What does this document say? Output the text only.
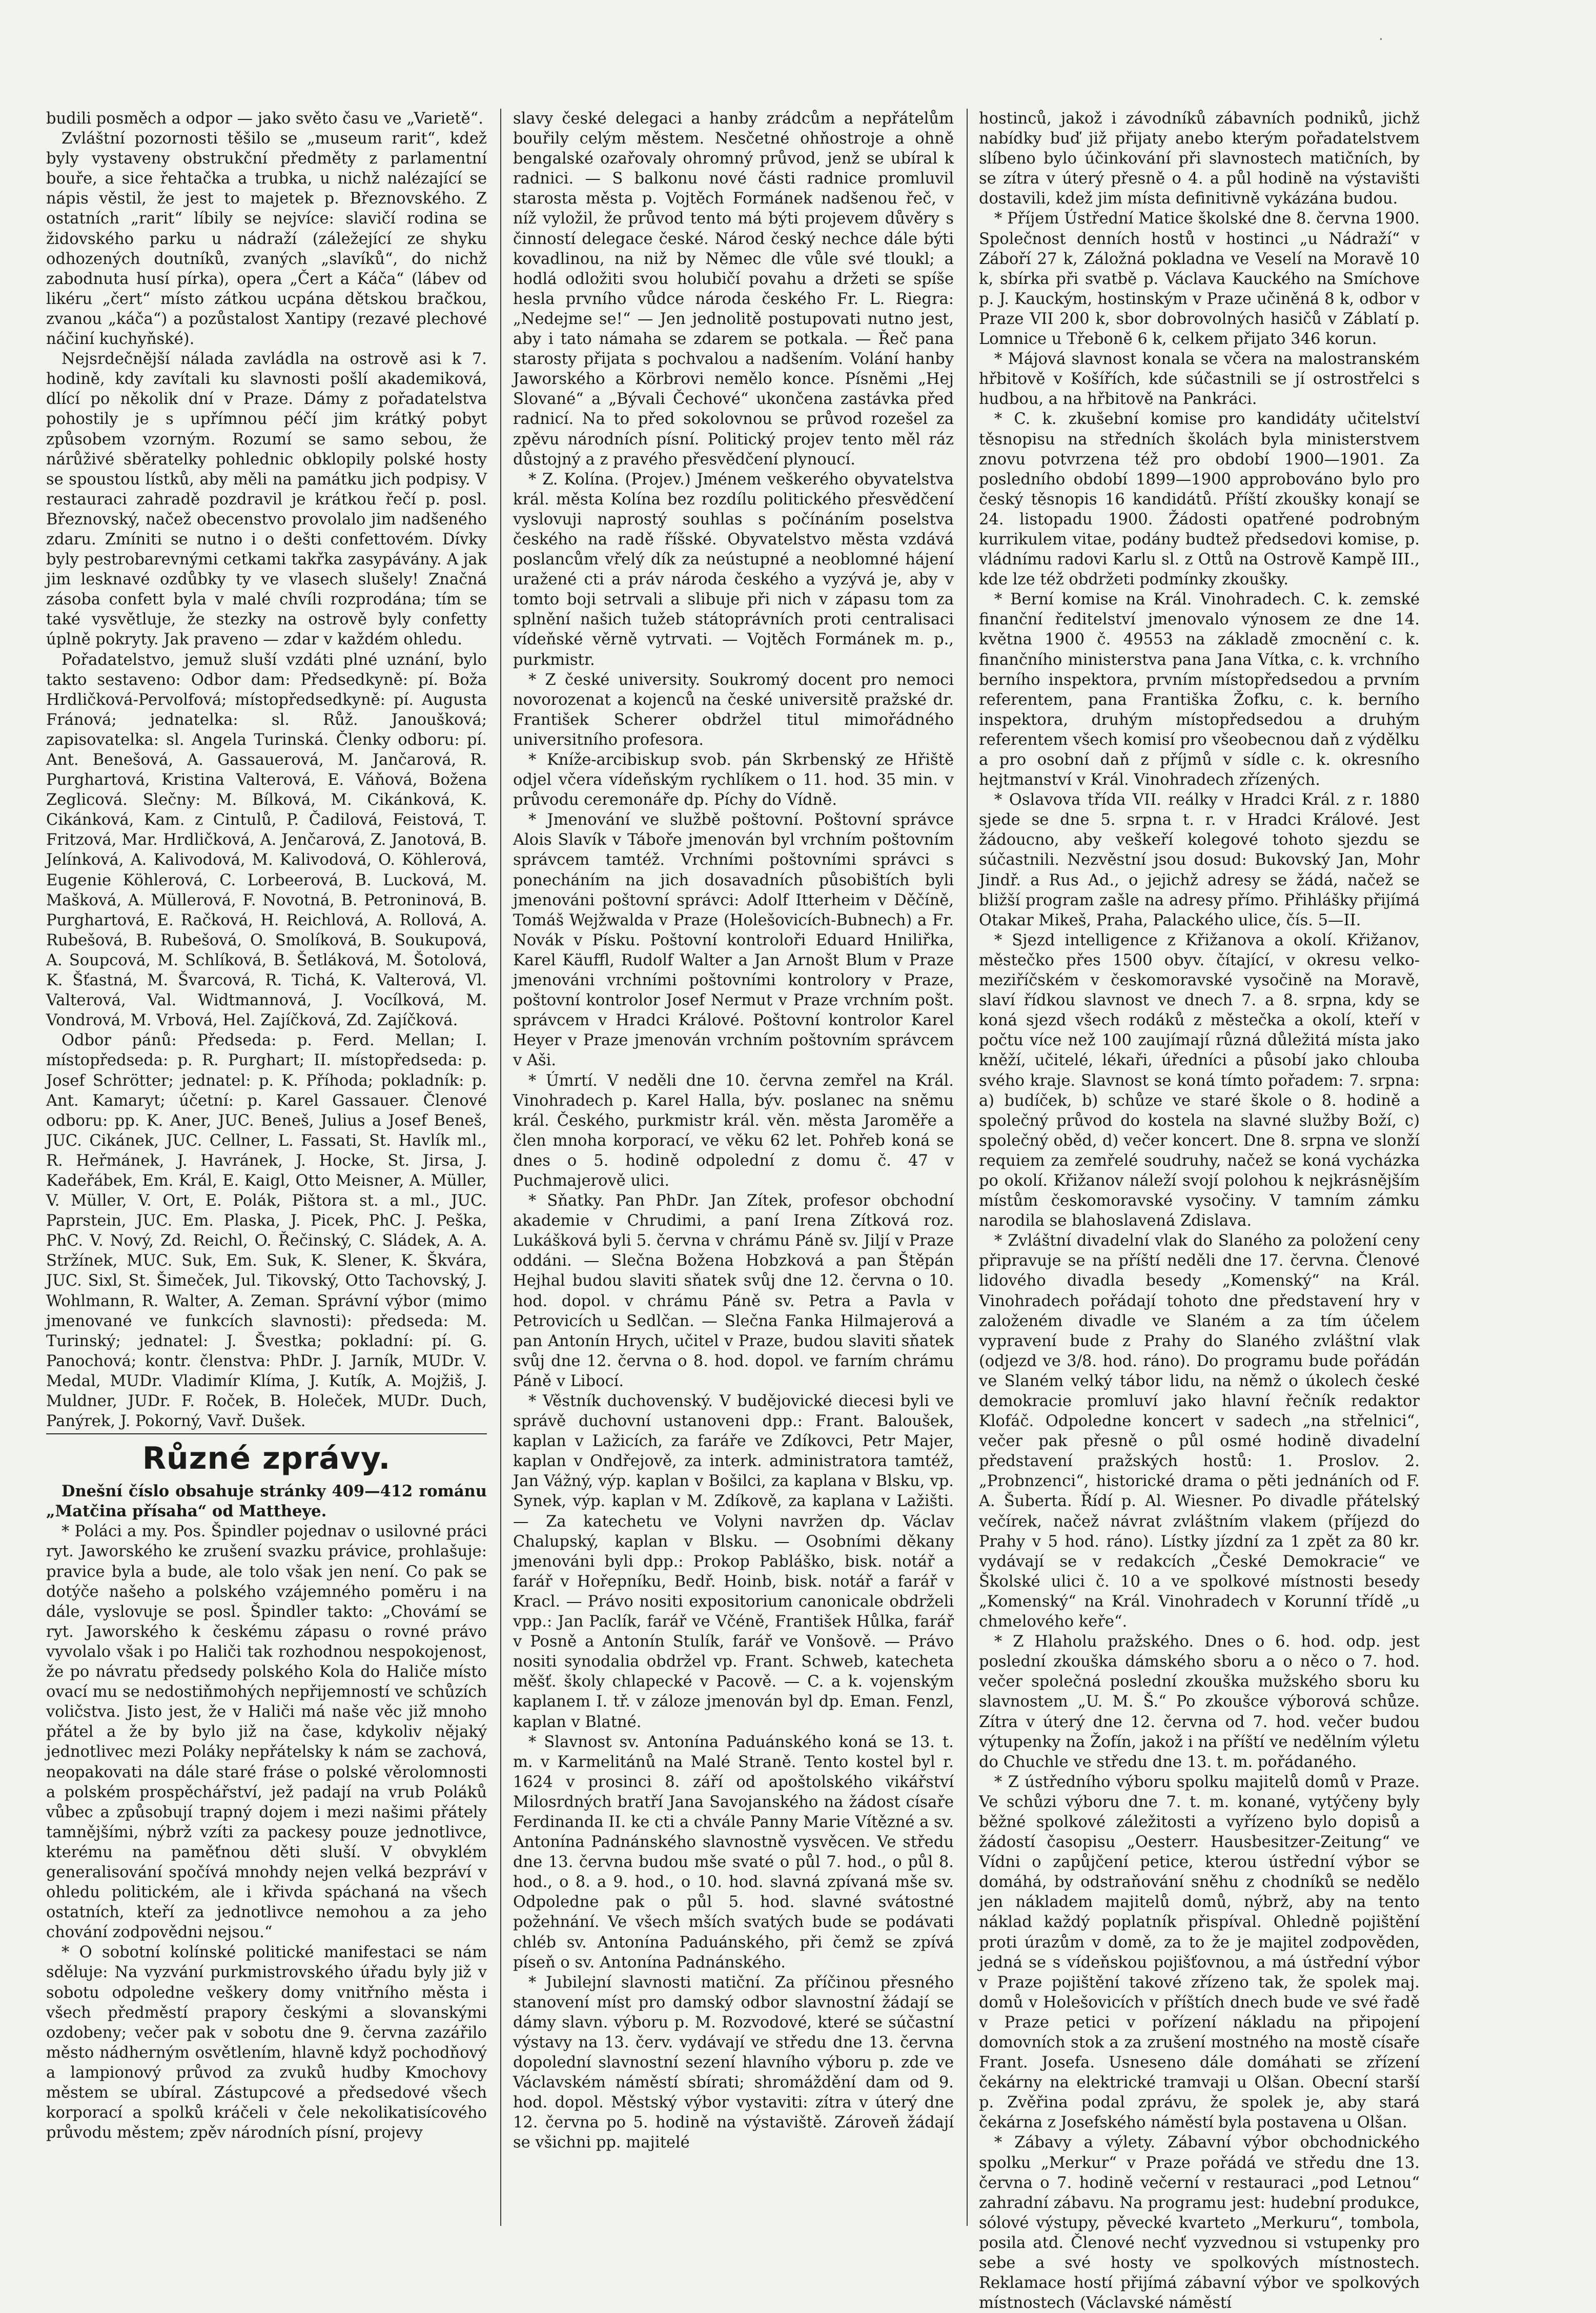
·

budili posměch a odpor — jako světo času ve „Varietě“.

Zvláštní pozornosti těšilo se „museum rarit“, kdež byly vystaveny obstrukční předměty z parlamentní bouře, a sice řehtačka a trubka, u nichž nalézající se nápis věstil, že jest to majetek p. Březnovského. Z ostatních „rarit“ líbily se nejvíce: slavičí rodina se židovského parku u nádraží (záležející ze shyku odhozených doutníků, zvaných „slavíků“, do nichž zabodnuta husí pírka), opera „Čert a Káča“ (lábev od likéru „čert“ místo zátkou ucpána dětskou bračkou, zvanou „káča“) a pozůstalost Xantipy (rezavé plechové náčiní kuchyňské).

Nejsrdečnější nálada zavládla na ostrově asi k 7. hodině, kdy zavítali ku slavnosti pošlí akademiková, dlící po několik dní v Praze. Dámy z pořadatelstva pohostily je s upřímnou péčí jim krátký pobyt způsobem vzorným. Rozumí se samo sebou, že nárůživé sběratelky pohlednic obklopily polské hosty se spoustou lístků, aby měli na památku jich podpisy. V restauraci zahradě pozdravil je krátkou řečí p. posl. Březnovský, načež obecenstvo provolalo jim nadšeného zdaru. Zmíniti se nutno i o dešti confettovém. Dívky byly pestrobarevnými cetkami takřka zasypávány. A jak jim lesknavé ozdůbky ty ve vlasech slušely! Značná zásoba confett byla v malé chvíli rozprodána; tím se také vysvětluje, že stezky na ostrově byly confetty úplně pokryty. Jak praveno — zdar v každém ohledu.

Pořadatelstvo, jemuž sluší vzdáti plné uznání, bylo takto sestaveno: Odbor dam: Předsedkyně: pí. Boža Hrdličková-Pervolfová; místopředsedkyně: pí. Augusta Fránová; jednatelka: sl. Růž. Janoušková; zapisovatelka: sl. Angela Turinská. Členky odboru: pí. Ant. Benešová, A. Gassauerová, M. Jančarová, R. Purghartová, Kristina Valterová, E. Váňová, Božena Zeglicová. Slečny: M. Bílková, M. Cikánková, K. Cikánková, Kam. z Cintulů, P. Čadilová, Feistová, T. Fritzová, Mar. Hrdličková, A. Jenčarová, Z. Janotová, B. Jelínková, A. Kalivodová, M. Kalivodová, O. Köhlerová, Eugenie Köhlerová, C. Lorbeerová, B. Lucková, M. Mašková, A. Müllerová, F. Novotná, B. Petroninová, B. Purghartová, E. Račková, H. Reichlová, A. Rollová, A. Rubešová, B. Rubešová, O. Smolíková, B. Soukupová, A. Soupcová, M. Schlíková, B. Šetláková, M. Šotolová, K. Šťastná, M. Švarcová, R. Tichá, K. Valterová, Vl. Valterová, Val. Widtmannová, J. Vocílková, M. Vondrová, M. Vrbová, Hel. Zajíčková, Zd. Zajíčková.

Odbor pánů: Předseda: p. Ferd. Mellan; I. místopředseda: p. R. Purghart; II. místopředseda: p. Josef Schrötter; jednatel: p. K. Příhoda; pokladník: p. Ant. Kamaryt; účetní: p. Karel Gassauer. Členové odboru: pp. K. Aner, JUC. Beneš, Julius a Josef Beneš, JUC. Cikánek, JUC. Cellner, L. Fassati, St. Havlík ml., R. Heřmánek, J. Havránek, J. Hocke, St. Jirsa, J. Kadeřábek, Em. Král, E. Kaigl, Otto Meisner, A. Müller, V. Müller, V. Ort, E. Polák, Pištora st. a ml., JUC. Paprstein, JUC. Em. Plaska, J. Picek, PhC. J. Peška, PhC. V. Nový, Zd. Reichl, O. Řečinský, C. Sládek, A. A. Stržínek, MUC. Suk, Em. Suk, K. Slener, K. Škvára, JUC. Sixl, St. Šimeček, Jul. Tikovský, Otto Tachovský, J. Wohlmann, R. Walter, A. Zeman. Správní výbor (mimo jmenované ve funkcích slavnosti): předseda: M. Turinský; jednatel: J. Švestka; pokladní: pí. G. Panochová; kontr. členstva: PhDr. J. Jarník, MUDr. V. Medal, MUDr. Vladimír Klíma, J. Kutík, A. Mojžiš, J. Muldner, JUDr. F. Roček, B. Holeček, MUDr. Duch, Panýrek, J. Pokorný, Vavř. Dušek.

Různé zprávy.

Dnešní číslo obsahuje stránky 409—412 románu „Matčina přísaha“ od Mattheye.

* Poláci a my. Pos. Špindler pojednav o usilovné práci ryt. Jaworského ke zrušení svazku právice, prohlašuje: pravice byla a bude, ale tolo však jen není. Co pak se dotýče našeho a polského vzájemného poměru i na dále, vyslovuje se posl. Špindler takto: „Chovámí se ryt. Jaworského k českému zápasu o rovné právo vyvolalo však i po Haliči tak rozhodnou nespokojenost, že po návratu předsedy polského Kola do Haliče místo ovací mu se nedostiňmohých nepřijemností ve schůzích voličstva. Jisto jest, že v Haliči má naše věc již mnoho přátel a že by bylo již na čase, kdykoliv nějaký jednotlivec mezi Poláky nepřátelsky k nám se zachová, neopakovati na dále staré fráse o polské věrolomnosti a polském prospěchářství, jež padají na vrub Poláků vůbec a způsobují trapný dojem i mezi našimi přátely tamnějšími, nýbrž vzíti za packesy pouze jednotlivce, kterému na paměťnou děti sluší. V obvyklém generalisování spočívá mnohdy nejen velká bezpráví v ohledu politickém, ale i křivda spáchaná na všech ostatních, kteří za jednotlivce nemohou a za jeho chování zodpovědni nejsou.“

* O sobotní kolínské politické manifestaci se nám sděluje: Na vyzvání purkmistrovského úřadu byly již v sobotu odpoledne veškery domy vnitřního města i všech předměstí prapory českými a slovanskými ozdobeny; večer pak v sobotu dne 9. června zazářilo město nádherným osvětlením, hlavně když pochodňový a lampionový průvod za zvuků hudby Kmochovy městem se ubíral. Zástupcové a předsedové všech korporací a spolků kráčeli v čele nekolikatisícového průvodu městem; zpěv národních písní, projevy

slavy české delegaci a hanby zrádcům a nepřátelům bouřily celým městem. Nesčetné ohňostroje a ohně bengalské ozařovaly ohromný průvod, jenž se ubíral k radnici. — S balkonu nové části radnice promluvil starosta města p. Vojtěch Formánek nadšenou řeč, v níž vyložil, že průvod tento má býti projevem důvěry s činností delegace české. Národ český nechce dále býti kovadlinou, na niž by Němec dle vůle své tloukl; a hodlá odložiti svou holubičí povahu a držeti se spíše hesla prvního vůdce národa českého Fr. L. Riegra: „Nedejme se!“ — Jen jednolitě postupovati nutno jest, aby i tato námaha se zdarem se potkala. — Řeč pana starosty přijata s pochvalou a nadšením. Volání hanby Jaworského a Körbrovi nemělo konce. Písněmi „Hej Slované“ a „Bývali Čechové“ ukončena zastávka před radnicí. Na to před sokolovnou se průvod rozešel za zpěvu národních písní. Politický projev tento měl ráz důstojný a z pravého přesvědčení plynoucí.

* Z. Kolína. (Projev.) Jménem veškerého obyvatelstva král. města Kolína bez rozdílu politického přesvědčení vyslovuji naprostý souhlas s počínáním poselstva českého na radě říšské. Obyvatelstvo města vzdává poslancům vřelý dík za neústupné a neoblomné hájení uražené cti a práv národa českého a vyzývá je, aby v tomto boji setrvali a slibuje při nich v zápasu tom za splnění našich tužeb státoprávních proti centralisaci vídeňské věrně vytrvati. — Vojtěch Formánek m. p., purkmistr.

* Z české university. Soukromý docent pro nemoci novorozenat a kojenců na české universitě pražské dr. František Scherer obdržel titul mimořádného universitního profesora.

* Kníže-arcibiskup svob. pán Skrbenský ze Hřiště odjel včera vídeňským rychlíkem o 11. hod. 35 min. v průvodu ceremonáře dp. Píchy do Vídně.

* Jmenování ve službě poštovní. Poštovní správce Alois Slavík v Táboře jmenován byl vrchním poštovním správcem tamtéž. Vrchními poštovními správci s ponecháním na jich dosavadních působištích byli jmenováni poštovní správci: Adolf Itterheim v Děčíně, Tomáš Wejžwalda v Praze (Holešovicích-Bubnech) a Fr. Novák v Písku. Poštovní kontroloři Eduard Hniliřka, Karel Käuffl, Rudolf Walter a Jan Arnošt Blum v Praze jmenováni vrchními poštovními kontrolory v Praze, poštovní kontrolor Josef Nermut v Praze vrchním pošt. správcem v Hradci Králové. Poštovní kontrolor Karel Heyer v Praze jmenován vrchním poštovním správcem v Aši.

* Úmrtí. V neděli dne 10. června zemřel na Král. Vinohradech p. Karel Halla, býv. poslanec na sněmu král. Českého, purkmistr král. věn. města Jaroměře a člen mnoha korporací, ve věku 62 let. Pohřeb koná se dnes o 5. hodině odpolední z domu č. 47 v Puchmajerově ulici.

* Sňatky. Pan PhDr. Jan Zítek, profesor obchodní akademie v Chrudimi, a paní Irena Zítková roz. Lukášková byli 5. června v chrámu Páně sv. Jiljí v Praze oddáni. — Slečna Božena Hobzková a pan Štěpán Hejhal budou slaviti sňatek svůj dne 12. června o 10. hod. dopol. v chrámu Páně sv. Petra a Pavla v Petrovicích u Sedlčan. — Slečna Fanka Hilmajerová a pan Antonín Hrych, učitel v Praze, budou slaviti sňatek svůj dne 12. června o 8. hod. dopol. ve farním chrámu Páně v Libocí.

* Věstník duchovenský. V budějovické diecesi byli ve správě duchovní ustanoveni dpp.: Frant. Baloušek, kaplan v Lažicích, za faráře ve Zdíkovci, Petr Majer, kaplan v Ondřejově, za interk. administratora tamtéž, Jan Vážný, výp. kaplan v Bošilci, za kaplana v Blsku, vp. Synek, výp. kaplan v M. Zdíkově, za kaplana v Lažišti. — Za katechetu ve Volyni navržen dp. Václav Chalupský, kaplan v Blsku. — Osobními děkany jmenováni byli dpp.: Prokop Pabláško, bisk. notář a farář v Hořepníku, Bedř. Hoinb, bisk. notář a farář v Kracl. — Právo nositi expositorium canonicale obdrželi vpp.: Jan Paclík, farář ve Včéně, František Hůlka, farář v Posně a Antonín Stulík, farář ve Vonšově. — Právo nositi synodalia obdržel vp. Frant. Schweb, katecheta měšť. školy chlapecké v Pacově. — C. a k. vojenským kaplanem I. tř. v záloze jmenován byl dp. Eman. Fenzl, kaplan v Blatné.

* Slavnost sv. Antonína Paduánského koná se 13. t. m. v Karmelitánů na Malé Straně. Tento kostel byl r. 1624 v prosinci 8. září od apoštolského vikářství Milosrdných bratří Jana Savojanského na žádost císaře Ferdinanda II. ke cti a chvále Panny Marie Vítězné a sv. Antonína Padnánského slavnostně vysvěcen. Ve středu dne 13. června budou mše svaté o půl 7. hod., o půl 8. hod., o 8. a 9. hod., o 10. hod. slavná zpívaná mše sv. Odpoledne pak o půl 5. hod. slavné svátostné požehnání. Ve všech mších svatých bude se podávati chléb sv. Antonína Paduánského, při čemž se zpívá píseň o sv. Antonína Padnánského.

* Jubilejní slavnosti matiční. Za příčinou přesného stanovení míst pro damský odbor slavnostní žádají se dámy slavn. výboru p. M. Rozvodové, které se súčastní výstavy na 13. červ. vydávají ve středu dne 13. června dopolední slavnostní sezení hlavního výboru p. zde ve Václavském náměstí sbírati; shromáždění dam od 9. hod. dopol. Městský výbor vystaviti: zítra v úterý dne 12. června po 5. hodině na výstaviště. Zároveň žádají se všichni pp. majitelé

hostinců, jakož i závodníků zábavních podniků, jichž nabídky buď již přijaty anebo kterým pořadatelstvem slíbeno bylo účinkování při slavnostech matičních, by se zítra v úterý přesně o 4. a půl hodině na výstavišti dostavili, kdež jim místa definitivně vykázána budou.

* Příjem Ústřední Matice školské dne 8. června 1900. Společnost denních hostů v hostinci „u Nádraží“ v Záboří 27 k, Záložná pokladna ve Veselí na Moravě 10 k, sbírka při svatbě p. Václava Kauckého na Smíchove p. J. Kauckým, hostinským v Praze učiněná 8 k, odbor v Praze VII 200 k, sbor dobrovolných hasičů v Záblatí p. Lomnice u Třeboně 6 k, celkem přijato 346 korun.

* Májová slavnost konala se včera na malostranském hřbitově v Košířích, kde súčastnili se jí ostrostřelci s hudbou, a na hřbitově na Pankráci.

* C. k. zkušební komise pro kandidáty učitelství těsnopisu na středních školách byla ministerstvem znovu potvrzena též pro období 1900—1901. Za posledního období 1899—1900 approbováno bylo pro český těsnopis 16 kandidátů. Příští zkoušky konají se 24. listopadu 1900. Žádosti opatřené podrobným kurrikulem vitae, podány budtež předsedovi komise, p. vládnímu radovi Karlu sl. z Ottů na Ostrově Kampě III., kde lze též obdržeti podmínky zkoušky.

* Berní komise na Král. Vinohradech. C. k. zemské finanční ředitelství jmenovalo výnosem ze dne 14. května 1900 č. 49553 na základě zmocnění c. k. finančního ministerstva pana Jana Vítka, c. k. vrchního berního inspektora, prvním místopředsedou a prvním referentem, pana Františka Žofku, c. k. berního inspektora, druhým místopředsedou a druhým referentem všech komisí pro všeobecnou daň z výdělku a pro osobní daň z příjmů v sídle c. k. okresního hejtmanství v Král. Vinohradech zřízených.

* Oslavova třída VII. reálky v Hradci Král. z r. 1880 sjede se dne 5. srpna t. r. v Hradci Králové. Jest žádoucno, aby veškeří kolegové tohoto sjezdu se súčastnili. Nezvěstní jsou dosud: Bukovský Jan, Mohr Jindř. a Rus Ad., o jejichž adresy se žádá, načež se bližší program zašle na adresy přímo. Přihlášky přijímá Otakar Mikeš, Praha, Palackého ulice, čís. 5—II.

* Sjezd intelligence z Křižanova a okolí. Křižanov, městečko přes 1500 obyv. čítající, v okresu velko-meziříčském v českomoravské vysočině na Moravě, slaví řídkou slavnost ve dnech 7. a 8. srpna, kdy se koná sjezd všech rodáků z městečka a okolí, kteří v počtu více než 100 zaujímají různá důležitá místa jako kněží, učitelé, lékaři, úředníci a působí jako chlouba svého kraje. Slavnost se koná tímto pořadem: 7. srpna: a) budíček, b) schůze ve staré škole o 8. hodině a společný průvod do kostela na slavné služby Boží, c) společný oběd, d) večer koncert. Dne 8. srpna ve slonží requiem za zemřelé soudruhy, načež se koná vycházka po okolí. Křižanov náleží svojí polohou k nejkrásnějším místům českomoravské vysočiny. V tamním zámku narodila se blahoslavená Zdislava.

* Zvláštní divadelní vlak do Slaného za položení ceny připravuje se na příští neděli dne 17. června. Členové lidového divadla besedy „Komenský“ na Král. Vinohradech pořádají tohoto dne představení hry v založeném divadle ve Slaném a za tím účelem vypravení bude z Prahy do Slaného zvláštní vlak (odjezd ve 3/8. hod. ráno). Do programu bude pořádán ve Slaném velký tábor lidu, na němž o úkolech české demokracie promluví jako hlavní řečník redaktor Klofáč. Odpoledne koncert v sadech „na střelnici“, večer pak přesně o půl osmé hodině divadelní představení pražských hostů: 1. Proslov. 2. „Probnzenci“, historické drama o pěti jednáních od F. A. Šuberta. Řídí p. Al. Wiesner. Po divadle přátelský večírek, načež návrat zvláštním vlakem (příjezd do Prahy v 5 hod. ráno). Lístky jízdní za 1 zpět za 80 kr. vydávají se v redakcích „České Demokracie“ ve Školské ulici č. 10 a ve spolkové místnosti besedy „Komenský“ na Král. Vinohradech v Korunní třídě „u chmelového keře“.

* Z Hlaholu pražského. Dnes o 6. hod. odp. jest poslední zkouška dámského sboru a o něco o 7. hod. večer společná poslední zkouška mužského sboru ku slavnostem „U. M. Š.“ Po zkoušce výborová schůze. Zítra v úterý dne 12. června od 7. hod. večer budou výtupenky na Žofín, jakož i na příští ve nedělním výletu do Chuchle ve středu dne 13. t. m. pořádaného.

* Z ústředního výboru spolku majitelů domů v Praze. Ve schůzi výboru dne 7. t. m. konané, vytýčeny byly běžné spolkové záležitosti a vyřízeno bylo dopisů a žádostí časopisu „Oesterr. Hausbesitzer-Zeitung“ ve Vídni o zapůjčení petice, kterou ústřední výbor se domáhá, by odstraňování sněhu z chodníků se nedělo jen nákladem majitelů domů, nýbrž, aby na tento náklad každý poplatník přispíval. Ohledně pojištění proti úrazům v domě, za to že je majitel zodpověden, jedná se s vídeňskou pojišťovnou, a má ústřední výbor v Praze pojištění takové zřízeno tak, že spolek maj. domů v Holešovicích v příštích dnech bude ve své řadě v Praze petici v pořízení nákladu na připojení domovních stok a za zrušení mostného na mostě císaře Frant. Josefa. Usneseno dále domáhati se zřízení čekárny na elektrické tramvaji u Olšan. Obecní starší p. Zvěřina podal zprávu, že spolek je, aby stará čekárna z Josefského náměstí byla postavena u Olšan.

* Zábavy a výlety. Zábavní výbor obchodnického spolku „Merkur“ v Praze pořádá ve středu dne 13. června o 7. hodině večerní v restauraci „pod Letnou“ zahradní zábavu. Na programu jest: hudební produkce, sólové výstupy, pěvecké kvarteto „Merkuru“, tombola, posila atd. Členové nechť vyzvednou si vstupenky pro sebe a své hosty ve spolkových místnostech. Reklamace hostí přijímá zábavní výbor ve spolkových místnostech (Václavské náměstí
